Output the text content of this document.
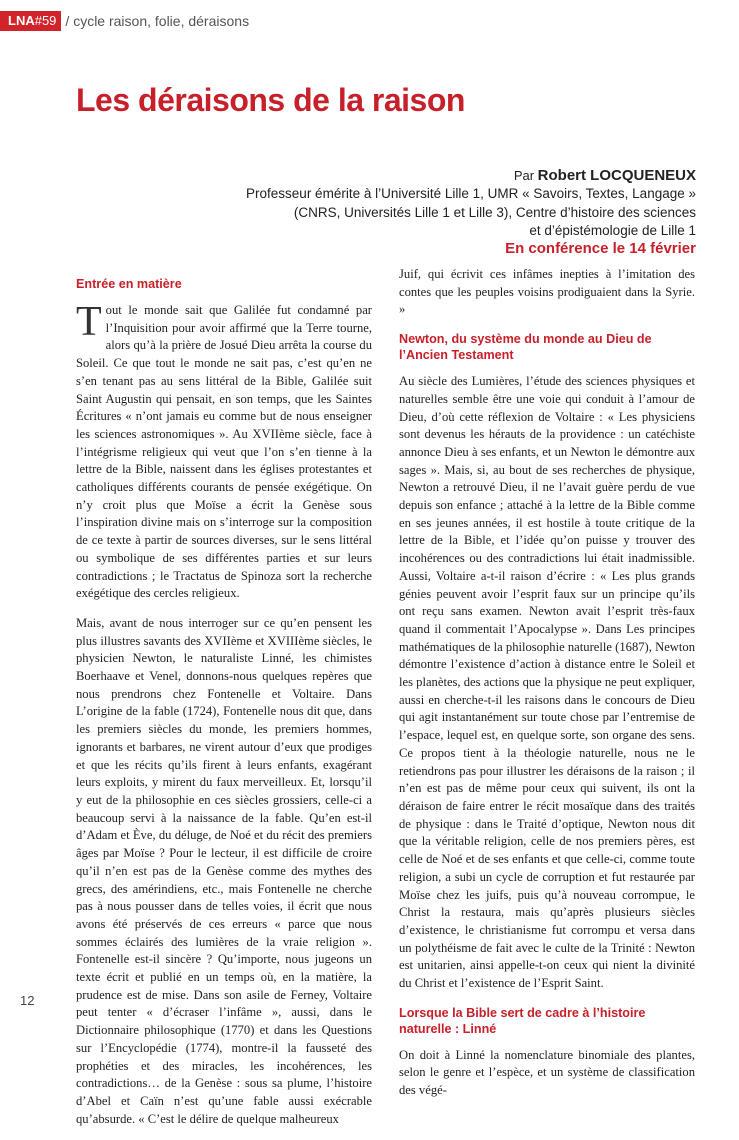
LNA#59 / cycle raison, folie, déraisons
Les déraisons de la raison
Par Robert LOCQUENEUX
Professeur émérite à l’Université Lille 1, UMR « Savoirs, Textes, Langage »
(CNRS, Universités Lille 1 et Lille 3), Centre d’histoire des sciences
et d’épistémologie de Lille 1
En conférence le 14 février
Entrée en matière

Tout le monde sait que Galilée fut condamné par l’Inquisition pour avoir affirmé que la Terre tourne, alors qu’à la prière de Josué Dieu arrêta la course du Soleil. Ce que tout le monde ne sait pas, c’est qu’en ne s’en tenant pas au sens littéral de la Bible, Galilée suit Saint Augustin qui pensait, en son temps, que les Saintes Écritures « n’ont jamais eu comme but de nous enseigner les sciences astronomiques ». Au XVIIème siècle, face à l’intégrisme religieux qui veut que l’on s’en tienne à la lettre de la Bible, naissent dans les églises protestantes et catholiques différents courants de pensée exégétique. On n’y croit plus que Moïse a écrit la Genèse sous l’inspiration divine mais on s’interroge sur la composition de ce texte à partir de sources diverses, sur le sens littéral ou symbolique de ses différentes parties et sur leurs contradictions ; le Tractatus de Spinoza sort la recherche exégétique des cercles religieux.

Mais, avant de nous interroger sur ce qu’en pensent les plus illustres savants des XVIIème et XVIIIème siècles, le physicien Newton, le naturaliste Linné, les chimistes Boerhaave et Venel, donnons-nous quelques repères que nous prendrons chez Fontenelle et Voltaire. Dans L’origine de la fable (1724), Fontenelle nous dit que, dans les premiers siècles du monde, les premiers hommes, ignorants et barbares, ne virent autour d’eux que prodiges et que les récits qu’ils firent à leurs enfants, exagérant leurs exploits, y mirent du faux merveilleux. Et, lorsqu’il y eut de la philosophie en ces siècles grossiers, celle-ci a beaucoup servi à la naissance de la fable. Qu’en est-il d’Adam et Ève, du déluge, de Noé et du récit des premiers âges par Moïse ? Pour le lecteur, il est difficile de croire qu’il n’en est pas de la Genèse comme des mythes des grecs, des amérindiens, etc., mais Fontenelle ne cherche pas à nous pousser dans de telles voies, il écrit que nous avons été préservés de ces erreurs « parce que nous sommes éclairés des lumières de la vraie religion ». Fontenelle est-il sincère ? Qu’importe, nous jugeons un texte écrit et publié en un temps où, en la matière, la prudence est de mise. Dans son asile de Ferney, Voltaire peut tenter « d’écraser l’infâme », aussi, dans le Dictionnaire philosophique (1770) et dans les Questions sur l’Encyclopédie (1774), montre-il la fausseté des prophéties et des miracles, les incohérences, les contradictions… de la Genèse : sous sa plume, l’histoire d’Abel et Caïn n’est qu’une fable aussi exécrable qu’absurde. « C’est le délire de quelque malheureux

Juif, qui écrivit ces infâmes inepties à l’imitation des contes que les peuples voisins prodiguaient dans la Syrie. »

Newton, du système du monde au Dieu de l’Ancien Testament

Au siècle des Lumières, l’étude des sciences physiques et naturelles semble être une voie qui conduit à l’amour de Dieu, d’où cette réflexion de Voltaire : « Les physiciens sont devenus les hérauts de la providence : un catéchiste annonce Dieu à ses enfants, et un Newton le démontre aux sages ». Mais, si, au bout de ses recherches de physique, Newton a retrouvé Dieu, il ne l’avait guère perdu de vue depuis son enfance ; attaché à la lettre de la Bible comme en ses jeunes années, il est hostile à toute critique de la lettre de la Bible, et l’idée qu’on puisse y trouver des incohérences ou des contradictions lui était inadmissible. Aussi, Voltaire a-t-il raison d’écrire : « Les plus grands génies peuvent avoir l’esprit faux sur un principe qu’ils ont reçu sans examen. Newton avait l’esprit très-faux quand il commentait l’Apocalypse ». Dans Les principes mathématiques de la philosophie naturelle (1687), Newton démontre l’existence d’action à distance entre le Soleil et les planètes, des actions que la physique ne peut expliquer, aussi en cherche-t-il les raisons dans le concours de Dieu qui agit instantanément sur toute chose par l’entremise de l’espace, lequel est, en quelque sorte, son organe des sens. Ce propos tient à la théologie naturelle, nous ne le retiendrons pas pour illustrer les déraisons de la raison ; il n’en est pas de même pour ceux qui suivent, ils ont la déraison de faire entrer le récit mosaïque dans des traités de physique : dans le Traité d’optique, Newton nous dit que la véritable religion, celle de nos premiers pères, est celle de Noé et de ses enfants et que celle-ci, comme toute religion, a subi un cycle de corruption et fut restaurée par Moïse chez les juifs, puis qu’à nouveau corrompue, le Christ la restaura, mais qu’après plusieurs siècles d’existence, le christianisme fut corrompu et versa dans un polythéisme de fait avec le culte de la Trinité : Newton est unitarien, ainsi appelle-t-on ceux qui nient la divinité du Christ et l’existence de l’Esprit Saint.

Lorsque la Bible sert de cadre à l’histoire naturelle : Linné

On doit à Linné la nomenclature binomiale des plantes, selon le genre et l’espèce, et un système de classification des végé-

12
